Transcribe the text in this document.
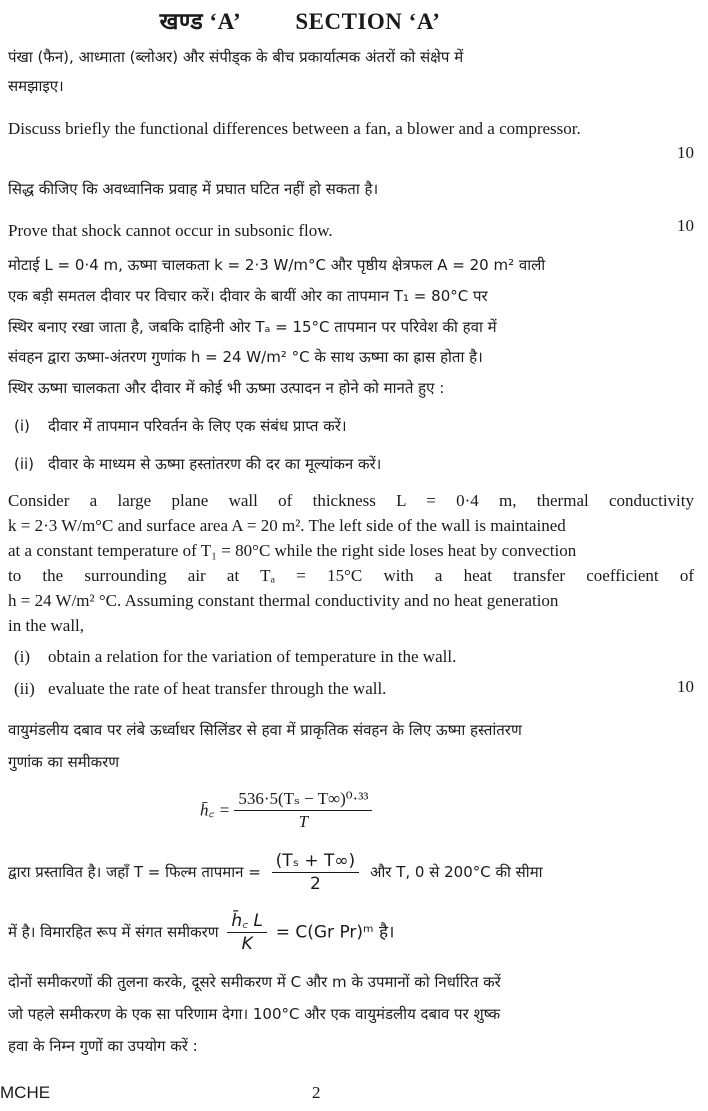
खण्ड ‘A’ SECTION ‘A’
पंखा (फैन), आध्माता (ब्लोअर) और संपीड्क के बीच प्रकार्यात्मक अंतरों को संक्षेप में
समझाइए।
Discuss briefly the functional differences between a fan, a blower and a compressor.
10
सिद्ध कीजिए कि अवध्वानिक प्रवाह में प्रघात घटित नहीं हो सकता है।
Prove that shock cannot occur in subsonic flow.	10
मोटाई L = 0·4 m, ऊष्मा चालकता k = 2·3 W/m°C और पृष्ठीय क्षेत्रफल A = 20 m² वाली
एक बड़ी समतल दीवार पर विचार करें। दीवार के बायीं ओर का तापमान T₁ = 80°C पर
स्थिर बनाए रखा जाता है, जबकि दाहिनी ओर Tₐ = 15°C तापमान पर परिवेश की हवा में
संवहन द्वारा ऊष्मा-अंतरण गुणांक h = 24 W/m² °C के साथ ऊष्मा का ह्रास होता है।
स्थिर ऊष्मा चालकता और दीवार में कोई भी ऊष्मा उत्पादन न होने को मानते हुए :
(i) दीवार में तापमान परिवर्तन के लिए एक संबंध प्राप्त करें।
(ii) दीवार के माध्यम से ऊष्मा हस्तांतरण की दर का मूल्यांकन करें।
Consider a large plane wall of thickness L = 0·4 m, thermal conductivity
k = 2·3 W/m°C and surface area A = 20 m². The left side of the wall is maintained
at a constant temperature of T₁ = 80°C while the right side loses heat by convection
to the surrounding air at Tₐ = 15°C with a heat transfer coefficient of
h = 24 W/m² °C. Assuming constant thermal conductivity and no heat generation
in the wall,
(i) obtain a relation for the variation of temperature in the wall.
(ii) evaluate the rate of heat transfer through the wall.	10
वायुमंडलीय दबाव पर लंबे ऊर्ध्वाधर सिलिंडर से हवा में प्राकृतिक संवहन के लिए ऊष्मा हस्तांतरण
गुणांक का समीकरण
h̄꜀ = $\frac{\text{536·5(Tₛ − T∞)⁰·³³}}{T}$
द्वारा प्रस्तावित है। जहाँ T = फिल्म तापमान = $\frac{\text{(Tₛ + T∞)}}{2}$ और T, 0 से 200°C की सीमा
में है। विमारहित रूप में संगत समीकरण $\frac{h̄꜀ L}{K} = C(Gr$ Pr)ᵐ है।
दोनों समीकरणों की तुलना करके, दूसरे समीकरण में C और m के उपमानों को निर्धारित करें
जो पहले समीकरण के एक सा परिणाम देगा। 100°C और एक वायुमंडलीय दबाव पर शुष्क
हवा के निम्न गुणों का उपयोग करें :
MCHE	2
